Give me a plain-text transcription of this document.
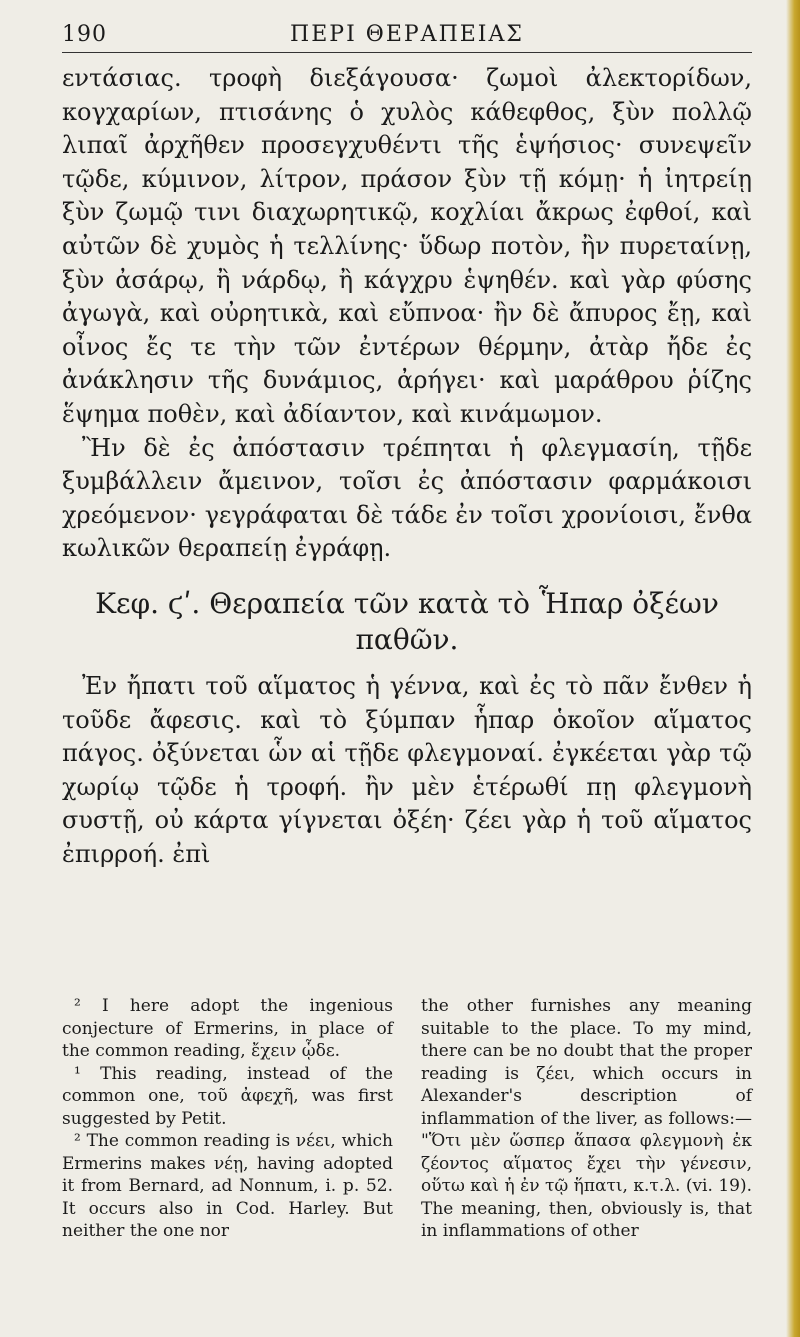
190	ΠΕΡΙ ΘΕΡΑΠΕΙΑΣ

εντάσιας. τροφὴ διεξάγουσα· ζωμοὶ ἀλεκτορίδων, κογχαρίων, πτισάνης ὁ χυλὸς κάθεφθος, ξὺν πολλῷ λιπαῖ ἀρχῆθεν προσεγχυθέντι τῆς ἑψήσιος· συνεψεῖν τῷδε, κύμινον, λίτρον, πράσον ξὺν τῇ κόμῃ· ἡ ἰητρείῃ ξὺν ζωμῷ τινι διαχωρητικῷ, κοχλίαι ἄκρως ἐφθοί, καὶ αὐτῶν δὲ χυμὸς ἡ τελλίνης· ὕδωρ ποτὸν, ἢν πυρεταίνῃ, ξὺν ἀσάρῳ, ἢ νάρδῳ, ἢ κάγχρυ ἑψηθέν. καὶ γὰρ φύσης ἀγωγὰ, καὶ οὐρητικὰ, καὶ εὔπνοα· ἢν δὲ ἄπυρος ἔῃ, καὶ οἶνος ἔς τε τὴν τῶν ἐντέρων θέρμην, ἀτὰρ ἤδε ἐς ἀνάκλησιν τῆς δυνάμιος, ἀρήγει· καὶ μαράθρου ῥίζης ἕψημα ποθὲν, καὶ ἀδίαντον, καὶ κινάμωμον.

Ἢν δὲ ἐς ἀπόστασιν τρέπηται ἡ φλεγμασίη, τῇδε ξυμβάλλειν ἄμεινον, τοῖσι ἐς ἀπόστασιν φαρμάκοισι χρεόμενον· γεγράφαται δὲ τάδε ἐν τοῖσι χρονίοισι, ἔνθα κωλικῶν θεραπείῃ ἐγράφῃ.

Κεφ. ϛʹ. Θεραπεία τῶν κατὰ τὸ Ἧπαρ ὀξέων παθῶν.

Ἐν ἤπατι τοῦ αἵματος ἡ γέννα, καὶ ἐς τὸ πᾶν ἔνθεν ἡ τοῦδε ἄφεσις. καὶ τὸ ξύμπαν ἧπαρ ὁκοῖον αἵματος πάγος. ὀξύνεται ὧν αἱ τῇδε φλεγμοναί. ἐγκέεται γὰρ τῷ χωρίῳ τῷδε ἡ τροφή. ἢν μὲν ἑτέρωθί πῃ φλεγμονὴ συστῇ, οὐ κάρτα γίγνεται ὀξέη· ζέει γὰρ ἡ τοῦ αἵματος ἐπιρροή. ἐπὶ

² I here adopt the ingenious conjecture of Ermerins, in place of the common reading, ἔχειν ᾧδε.

¹ This reading, instead of the common one, τοῦ ἀφεχῆ, was first suggested by Petit.

² The common reading is νέει, which Ermerins makes νέῃ, having adopted it from Bernard, ad Nonnum, i. p. 52. It occurs also in Cod. Harley. But neither the one nor

the other furnishes any meaning suitable to the place. To my mind, there can be no doubt that the proper reading is ζέει, which occurs in Alexander's description of inflammation of the liver, as follows:— "Ὅτι μὲν ὥσπερ ἅπασα φλεγμονὴ ἐκ ζέοντος αἵματος ἔχει τὴν γένεσιν, οὕτω καὶ ἡ ἐν τῷ ἥπατι, κ.τ.λ. (vi. 19). The meaning, then, obviously is, that in inflammations of other
